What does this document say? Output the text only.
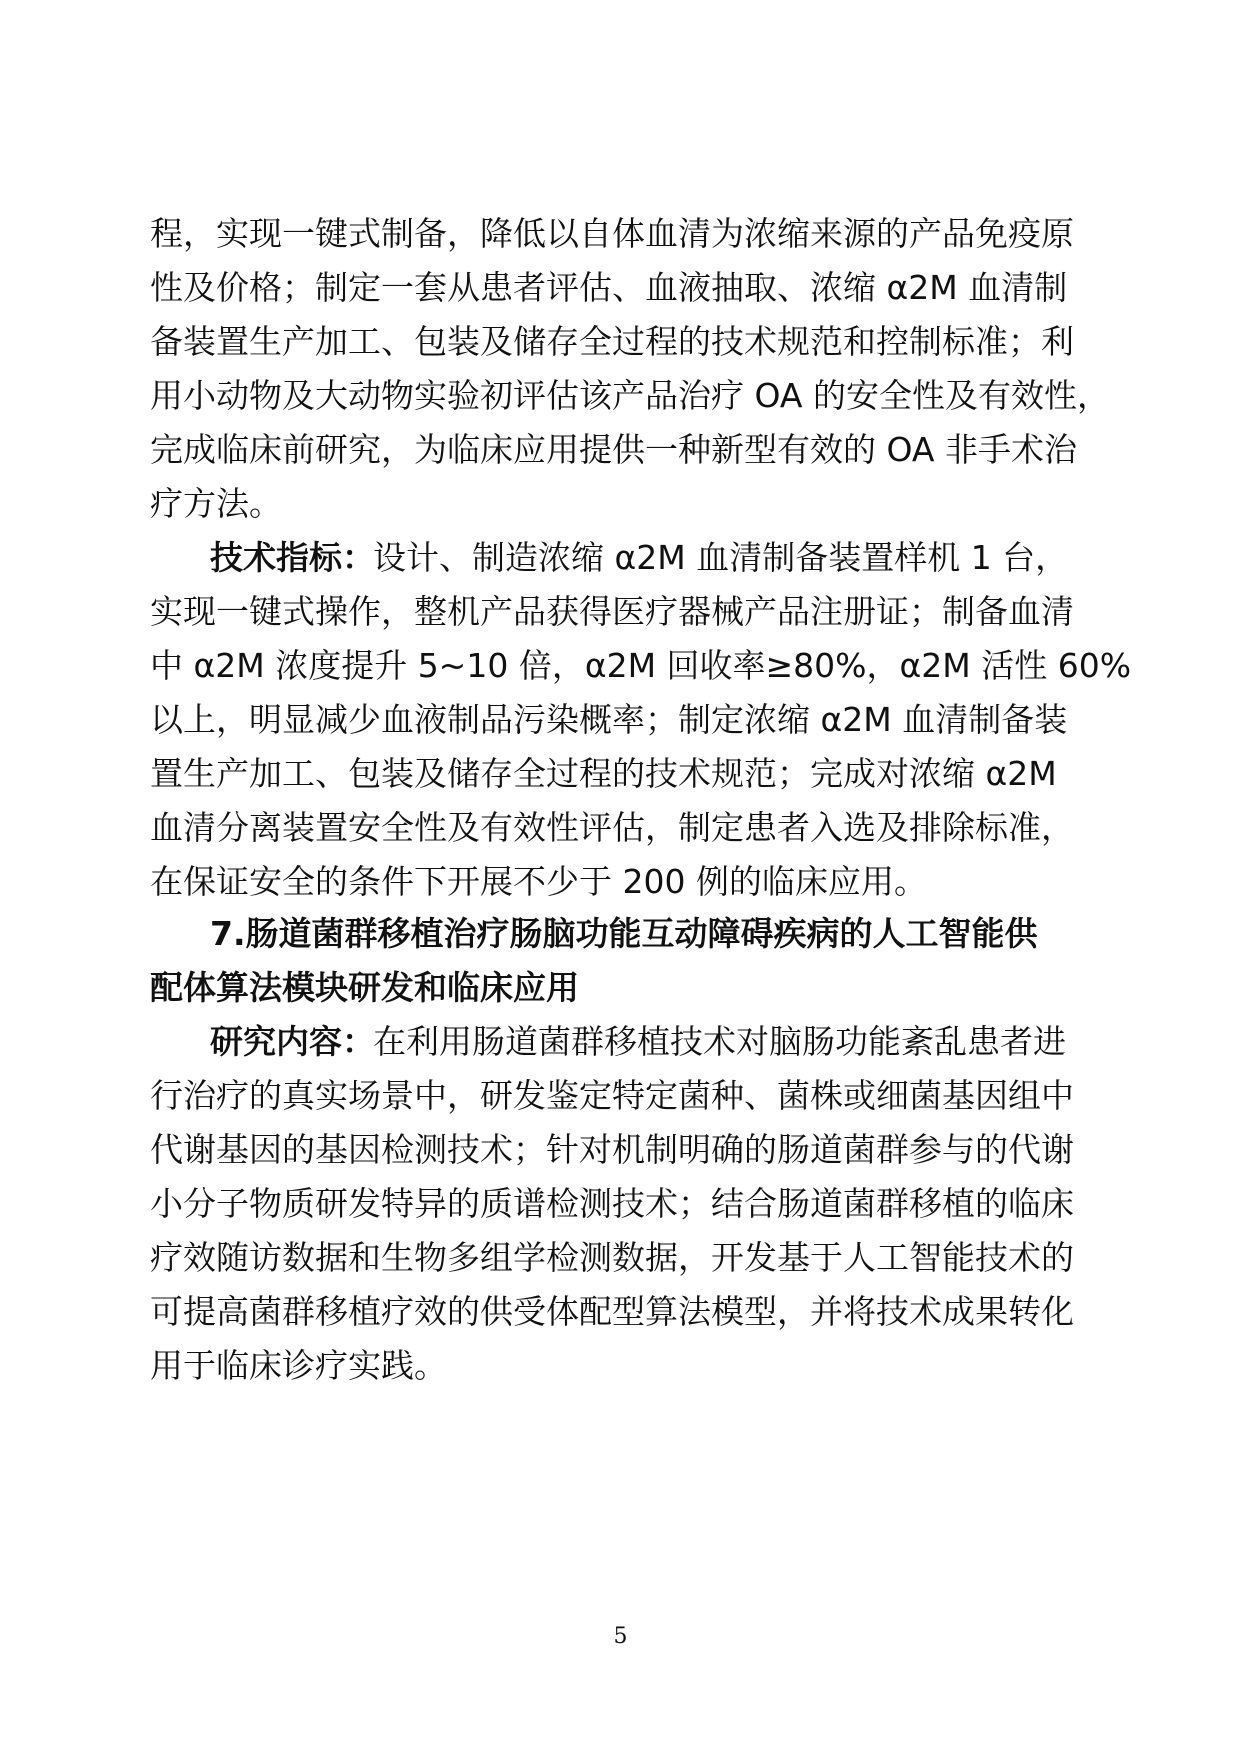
程，实现一键式制备，降低以自体血清为浓缩来源的产品免疫原
性及价格；制定一套从患者评估、血液抽取、浓缩 α2M 血清制
备装置生产加工、包装及储存全过程的技术规范和控制标准；利
用小动物及大动物实验初评估该产品治疗 OA 的安全性及有效性，
完成临床前研究，为临床应用提供一种新型有效的 OA 非手术治
疗方法。
技术指标：
设计、制造浓缩 α2M 血清制备装置样机 1 台，
实现一键式操作，整机产品获得医疗器械产品注册证；制备血清
中 α2M 浓度提升 5~10 倍，α2M 回收率≥80%，α2M 活性 60%
以上，明显减少血液制品污染概率；制定浓缩 α2M 血清制备装
置生产加工、包装及储存全过程的技术规范；完成对浓缩 α2M
血清分离装置安全性及有效性评估，制定患者入选及排除标准，
在保证安全的条件下开展不少于 200 例的临床应用。
7.肠道菌群移植治疗肠脑功能互动障碍疾病的人工智能供
配体算法模块研发和临床应用
研究内容：
在利用肠道菌群移植技术对脑肠功能紊乱患者进
行治疗的真实场景中，研发鉴定特定菌种、菌株或细菌基因组中
代谢基因的基因检测技术；针对机制明确的肠道菌群参与的代谢
小分子物质研发特异的质谱检测技术；结合肠道菌群移植的临床
疗效随访数据和生物多组学检测数据，开发基于人工智能技术的
可提高菌群移植疗效的供受体配型算法模型，并将技术成果转化
用于临床诊疗实践。
5
